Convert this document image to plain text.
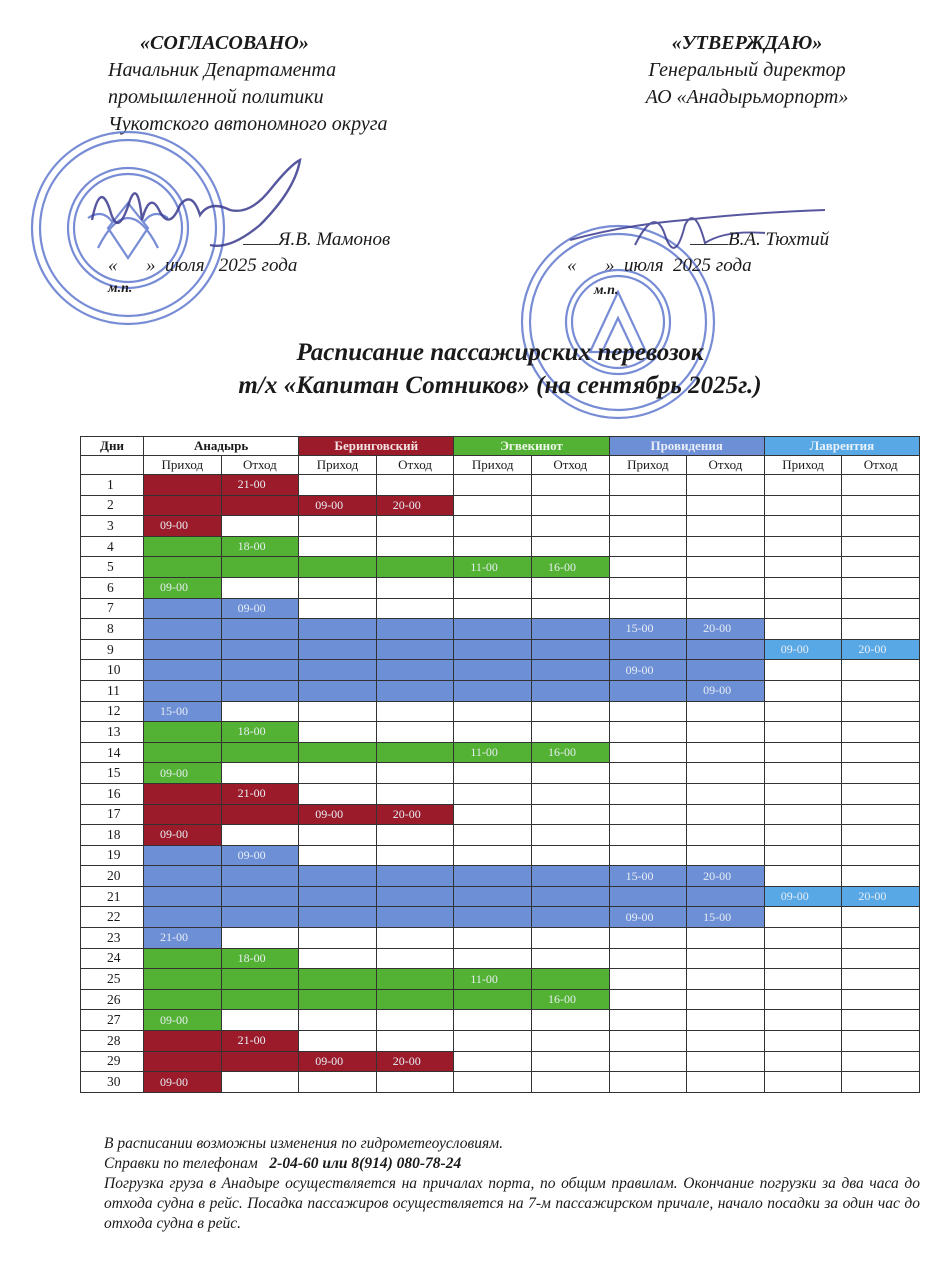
«СОГЛАСОВАНО»
Начальник Департамента
промышленной политики
Чукотского автономного округа
Я.В. Мамонов
«      »  июля   2025 года
м.п.
«УТВЕРЖДАЮ»
Генеральный директор
АО «Анадырьморпорт»
В.А. Тюхтий
«      »  июля  2025 года
м.п.
Расписание пассажирских перевозок
т/х «Капитан Сотников» (на сентябрь 2025г.)
Дни	Анадырь		Беринговский		Эгвекинот		Провидения		Лаврентия	
	Приход	Отход	Приход	Отход	Приход	Отход	Приход	Отход	Приход	Отход
1		21-00								
2			09-00	20-00						
3	09-00									
4		18-00								
5					11-00	16-00				
6	09-00									
7		09-00								
8							15-00	20-00		
9									09-00	20-00
10							09-00			
11								09-00		
12	15-00									
13		18-00								
14					11-00	16-00				
15	09-00									
16		21-00								
17			09-00	20-00						
18	09-00									
19		09-00								
20							15-00	20-00		
21									09-00	20-00
22							09-00	15-00		
23	21-00									
24		18-00								
25					11-00					
26						16-00				
27	09-00									
28		21-00								
29			09-00	20-00						
30	09-00									
В расписании возможны изменения по гидрометеоусловиям.
Справки по телефонам 2-04-60 или 8(914) 080-78-24
Погрузка груза в Анадыре осуществляется на причалах порта, по общим правилам. Окончание погрузки за два часа до отхода судна в рейс. Посадка пассажиров осуществляется на 7-м пассажирском причале, начало посадки за один час до отхода судна в рейс.
